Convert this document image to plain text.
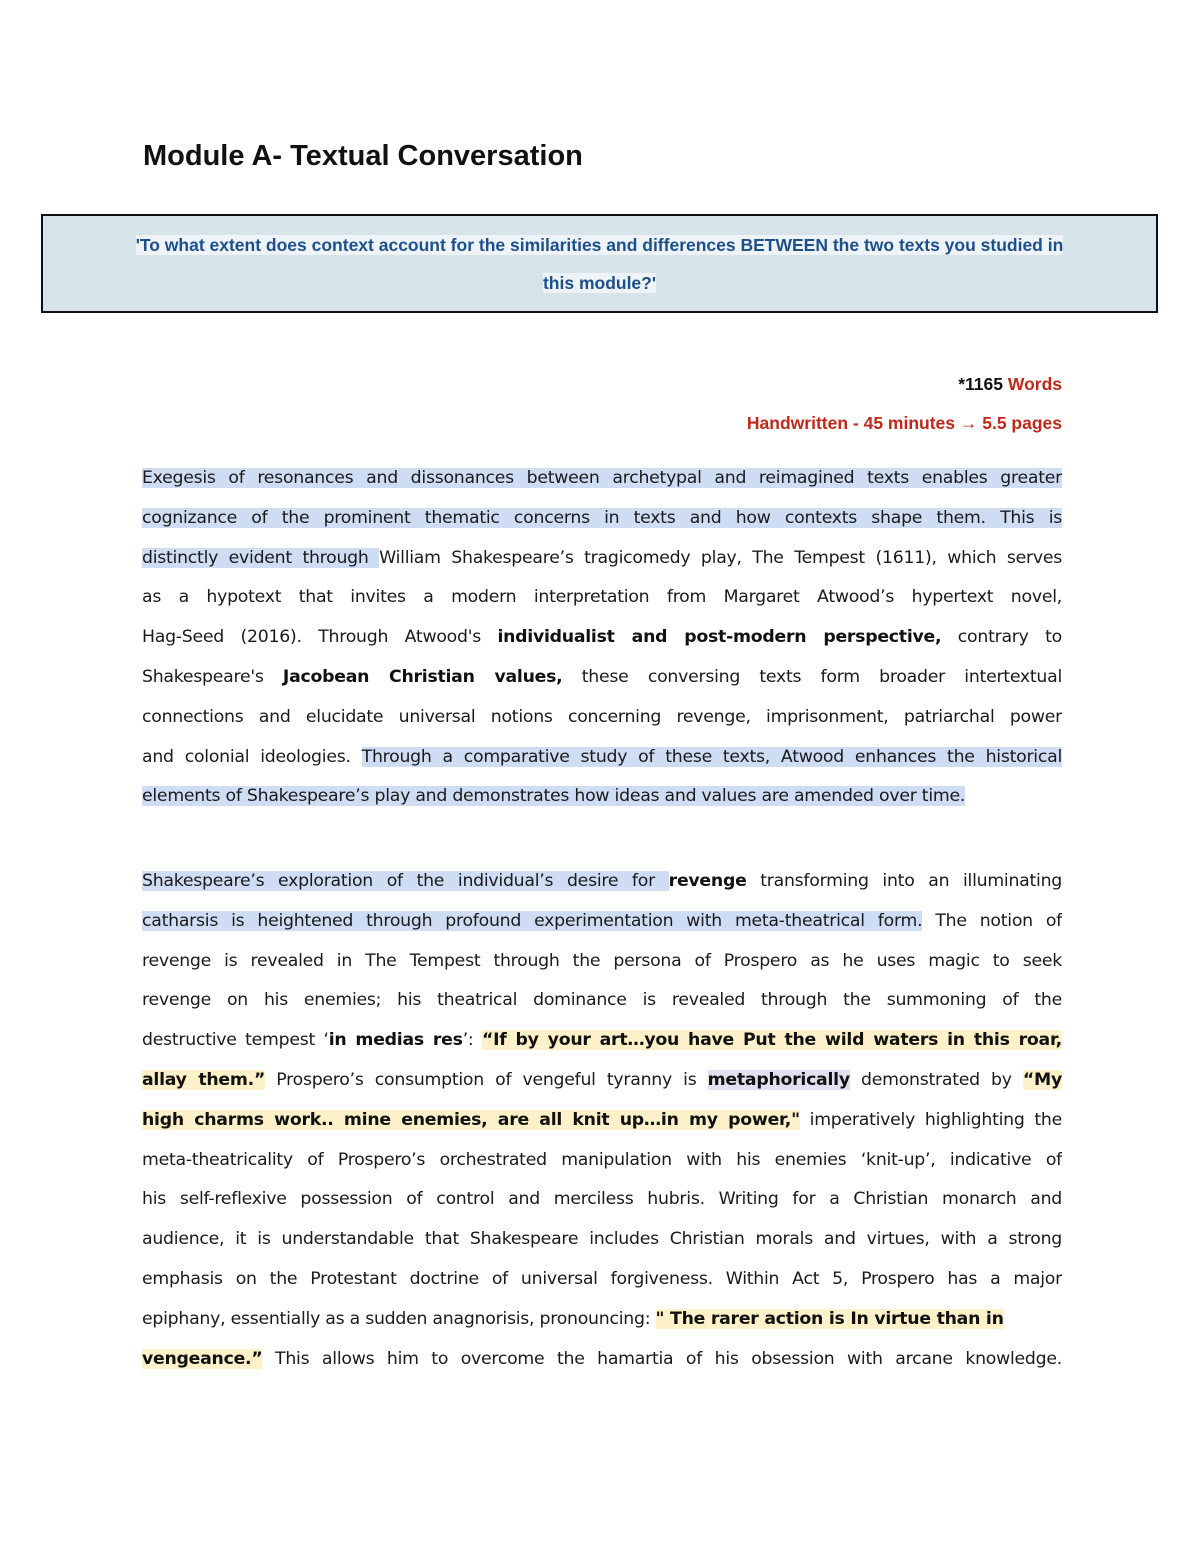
Module A- Textual Conversation
'To what extent does context account for the similarities and differences BETWEEN the two texts you studied in
this module?'
*1165 Words
Handwritten - 45 minutes → 5.5 pages
Exegesis of resonances and dissonances between archetypal and reimagined texts enables greater
cognizance of the prominent thematic concerns in texts and how contexts shape them. This is
distinctly evident through William Shakespeare’s tragicomedy play, The Tempest (1611), which serves
as a hypotext that invites a modern interpretation from Margaret Atwood’s hypertext novel,
Hag-Seed (2016). Through Atwood's individualist and post-modern perspective, contrary to
Shakespeare's Jacobean Christian values, these conversing texts form broader intertextual
connections and elucidate universal notions concerning revenge, imprisonment, patriarchal power
and colonial ideologies. Through a comparative study of these texts, Atwood enhances the historical
elements of Shakespeare’s play and demonstrates how ideas and values are amended over time.
Shakespeare’s exploration of the individual’s desire for revenge transforming into an illuminating
catharsis is heightened through profound experimentation with meta-theatrical form. The notion of
revenge is revealed in The Tempest through the persona of Prospero as he uses magic to seek
revenge on his enemies; his theatrical dominance is revealed through the summoning of the
destructive tempest ‘in medias res’: “If by your art…you have Put the wild waters in this roar,
allay them.” Prospero’s consumption of vengeful tyranny is metaphorically demonstrated by “My
high charms work.. mine enemies, are all knit up…in my power," imperatively highlighting the
meta-theatricality of Prospero’s orchestrated manipulation with his enemies ‘knit-up’, indicative of
his self-reflexive possession of control and merciless hubris. Writing for a Christian monarch and
audience, it is understandable that Shakespeare includes Christian morals and virtues, with a strong
emphasis on the Protestant doctrine of universal forgiveness. Within Act 5, Prospero has a major
epiphany, essentially as a sudden anagnorisis, pronouncing: " The rarer action is In virtue than in
vengeance.” This allows him to overcome the hamartia of his obsession with arcane knowledge.
